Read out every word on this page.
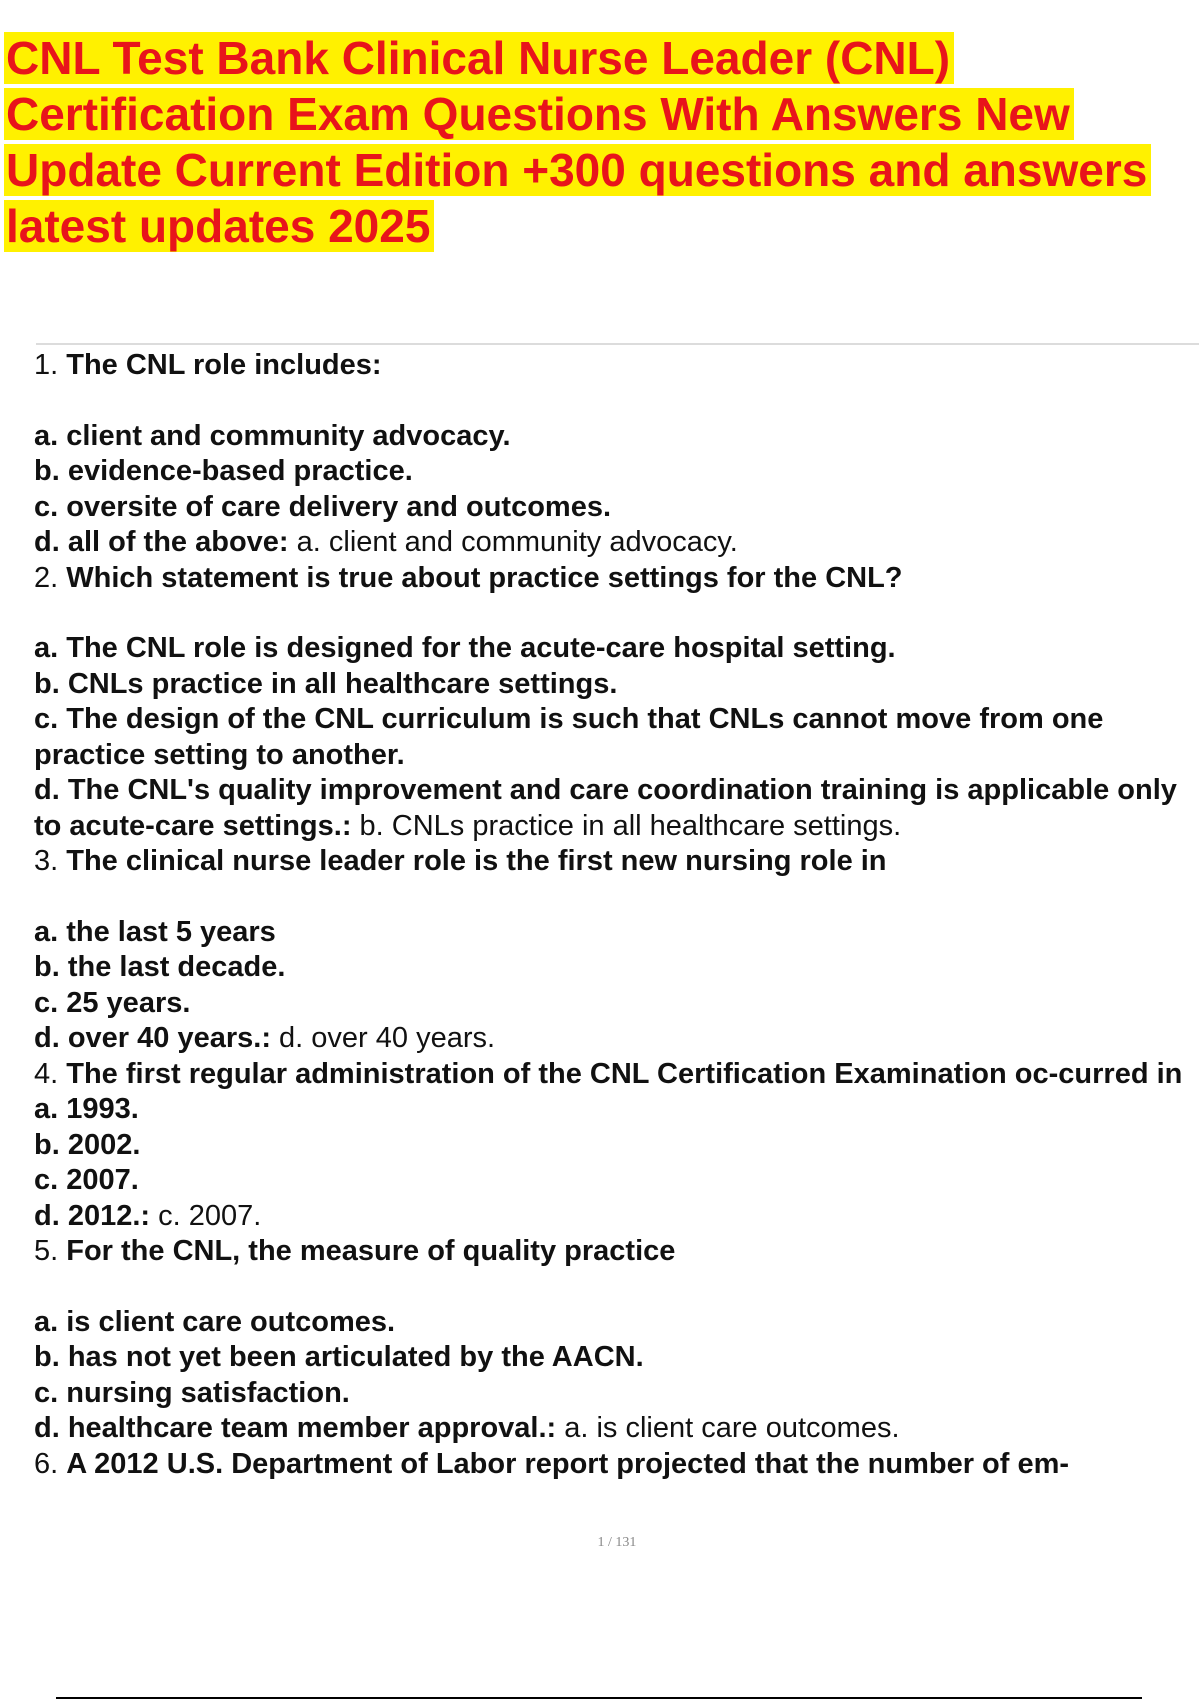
CNL Test Bank Clinical Nurse Leader (CNL) Certification Exam Questions With Answers New Update Current Edition +300 questions and answers latest updates 2025
1. The CNL role includes:
a. client and community advocacy.
b. evidence-based practice.
c. oversite of care delivery and outcomes.
d. all of the above: a. client and community advocacy.
2. Which statement is true about practice settings for the CNL?
a. The CNL role is designed for the acute-care hospital setting.
b. CNLs practice in all healthcare settings.
c. The design of the CNL curriculum is such that CNLs cannot move from one practice setting to another.
d. The CNL's quality improvement and care coordination training is applicable only to acute-care settings.: b. CNLs practice in all healthcare settings.
3. The clinical nurse leader role is the first new nursing role in
a. the last 5 years
b. the last decade.
c. 25 years.
d. over 40 years.: d. over 40 years.
4. The first regular administration of the CNL Certification Examination oc-curred in
a. 1993.
b. 2002.
c. 2007.
d. 2012.: c. 2007.
5. For the CNL, the measure of quality practice
a. is client care outcomes.
b. has not yet been articulated by the AACN.
c. nursing satisfaction.
d. healthcare team member approval.: a. is client care outcomes.
6. A 2012 U.S. Department of Labor report projected that the number of em-
1 / 131
